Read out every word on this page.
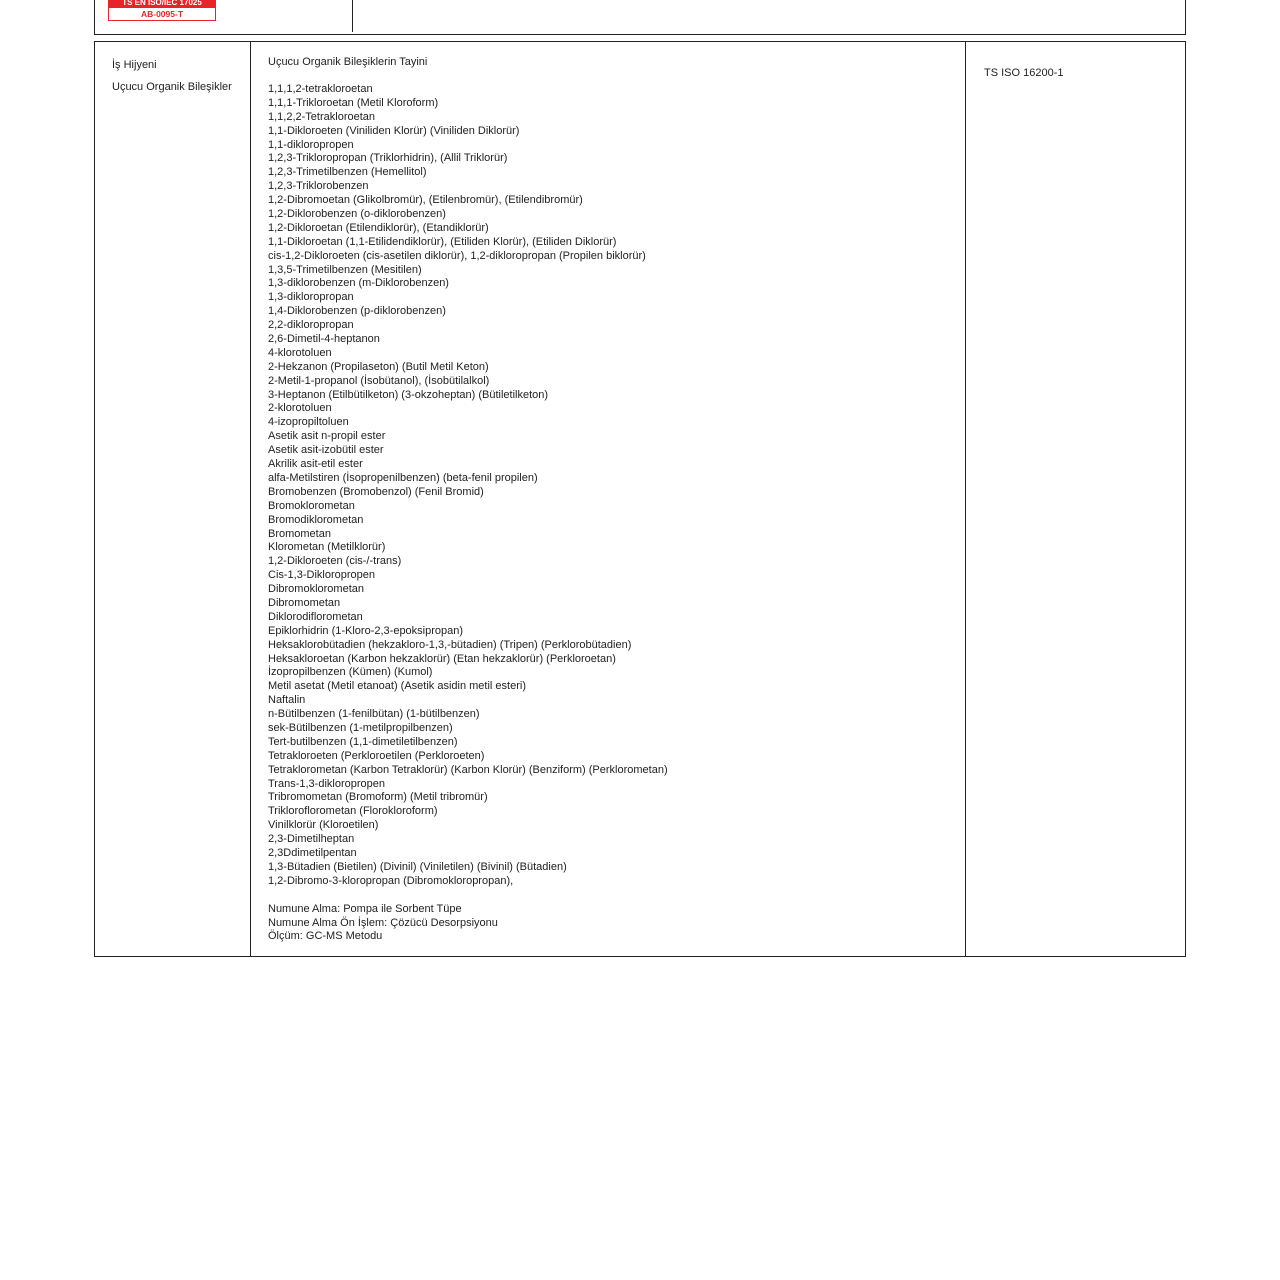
TS EN ISO/IEC 17025
AB-0095-T
İş Hijyeni
Uçucu Organik Bileşikler
Uçucu Organik Bileşiklerin Tayini
1,1,1,2-tetrakloroetan
1,1,1-Trikloroetan (Metil Kloroform)
1,1,2,2-Tetrakloroetan
1,1-Dikloroeten (Viniliden Klorür) (Viniliden Diklorür)
1,1-dikloropropen
1,2,3-Trikloropropan (Triklorhidrin), (Allil Triklorür)
1,2,3-Trimetilbenzen (Hemellitol)
1,2,3-Triklorobenzen
1,2-Dibromoetan (Glikolbromür), (Etilenbromür), (Etilendibromür)
1,2-Diklorobenzen (o-diklorobenzen)
1,2-Dikloroetan (Etilendiklorür), (Etandiklorür)
1,1-Dikloroetan (1,1-Etilidendiklorür), (Etiliden Klorür), (Etiliden Diklorür)
cis-1,2-Dikloroeten (cis-asetilen diklorür), 1,2-dikloropropan (Propilen biklorür)
1,3,5-Trimetilbenzen (Mesitilen)
1,3-diklorobenzen (m-Diklorobenzen)
1,3-dikloropropan
1,4-Diklorobenzen (p-diklorobenzen)
2,2-dikloropropan
2,6-Dimetil-4-heptanon
4-klorotoluen
2-Hekzanon (Propilaseton) (Butil Metil Keton)
2-Metil-1-propanol (İsobütanol), (İsobütilalkol)
3-Heptanon (Etilbütilketon) (3-okzoheptan) (Bütiletilketon)
2-klorotoluen
4-izopropiltoluen
Asetik asit n-propil ester
Asetik asit-izobütil ester
Akrilik asit-etil ester
alfa-Metilstiren (İsopropenilbenzen) (beta-fenil propilen)
Bromobenzen (Bromobenzol) (Fenil Bromid)
Bromoklorometan
Bromodiklorometan
Bromometan
Klorometan (Metilklorür)
1,2-Dikloroeten (cis-/-trans)
Cis-1,3-Dikloropropen
Dibromoklorometan
Dibromometan
Diklorodiflorometan
Epiklorhidrin (1-Kloro-2,3-epoksipropan)
Heksaklorobütadien (hekzakloro-1,3,-bütadien) (Tripen) (Perklorobütadien)
Heksakloroetan (Karbon hekzaklorür) (Etan hekzaklorür) (Perkloroetan)
İzopropilbenzen (Kümen) (Kumol)
Metil asetat (Metil etanoat) (Asetik asidin metil esteri)
Naftalin
n-Bütilbenzen (1-fenilbütan) (1-bütilbenzen)
sek-Bütilbenzen (1-metilpropilbenzen)
Tert-butilbenzen (1,1-dimetiletilbenzen)
Tetrakloroeten (Perkloroetilen (Perkloroeten)
Tetraklorometan (Karbon Tetraklorür) (Karbon Klorür) (Benziform) (Perklorometan)
Trans-1,3-dikloropropen
Tribromometan (Bromoform) (Metil tribromür)
Trikloroflorometan (Florokloroform)
Vinilklorür (Kloroetilen)
2,3-Dimetilheptan
2,3Ddimetilpentan
1,3-Bütadien (Bietilen) (Divinil) (Viniletilen) (Bivinil) (Bütadien)
1,2-Dibromo-3-kloropropan (Dibromokloropropan),
Numune Alma: Pompa ile Sorbent Tüpe
Numune Alma Ön İşlem: Çözücü Desorpsiyonu
Ölçüm: GC-MS Metodu
TS ISO 16200-1
